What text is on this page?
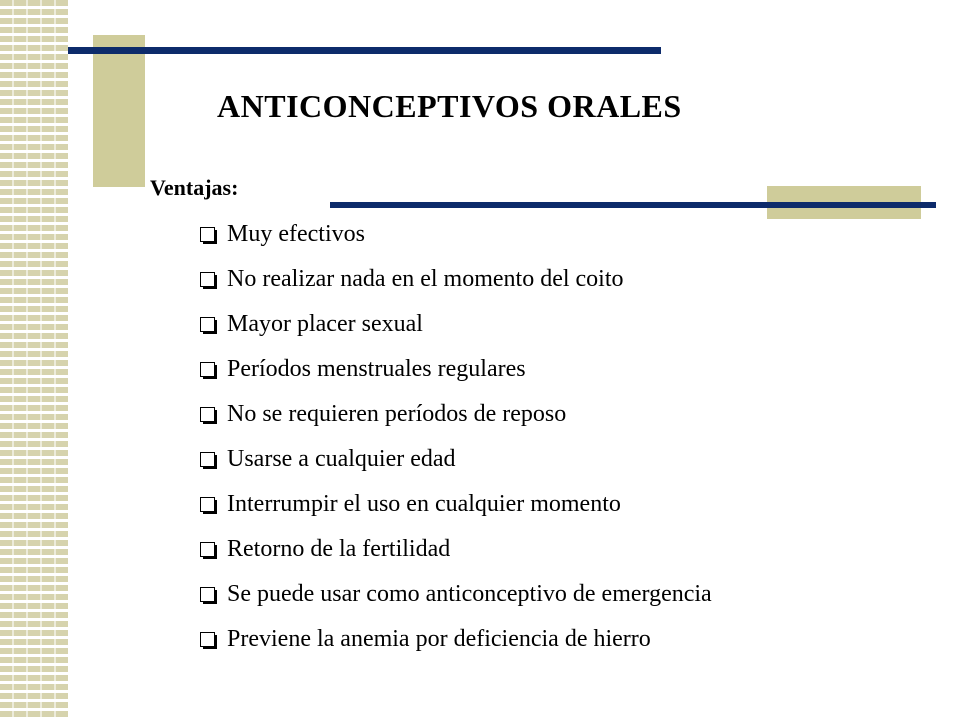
ANTICONCEPTIVOS ORALES
Ventajas:
Muy efectivos
No realizar nada en el momento del coito
Mayor placer sexual
Períodos menstruales regulares
No se requieren períodos de reposo
Usarse a cualquier edad
Interrumpir el uso en cualquier momento
Retorno de la fertilidad
Se puede usar como anticonceptivo de emergencia
Previene la anemia por deficiencia de hierro
